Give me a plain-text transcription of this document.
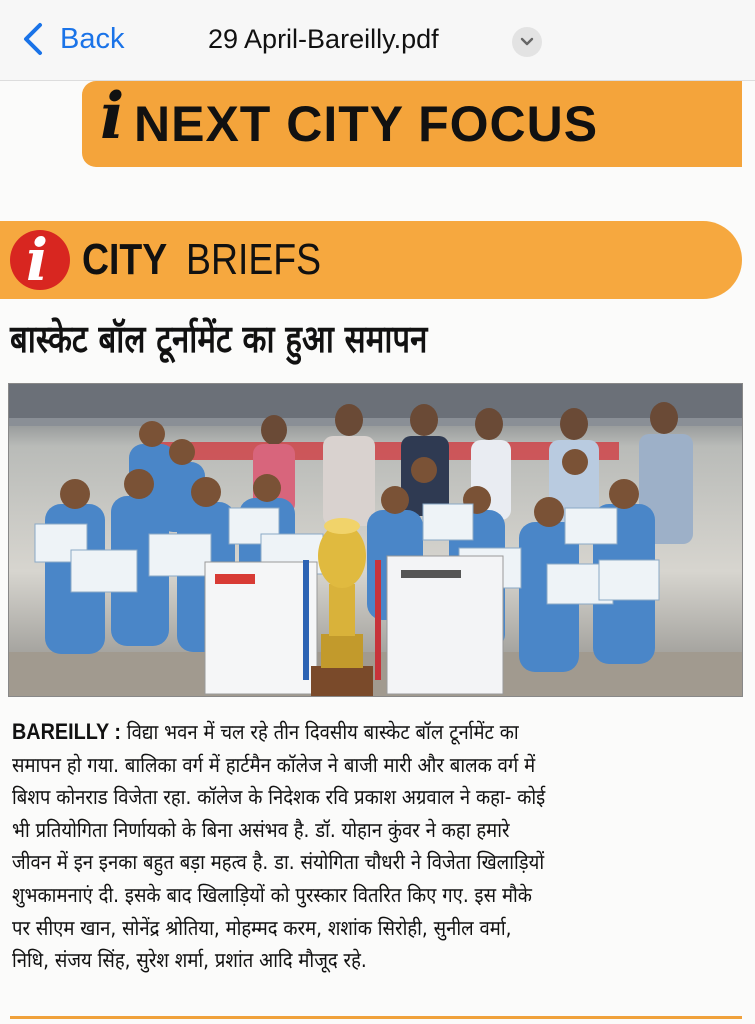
Back	29 April-Bareilly.pdf
i NEXT CITY FOCUS
i CITY BRIEFS
बास्केट बॉल टूर्नामेंट का हुआ समापन
BAREILLY : विद्या भवन में चल रहे तीन दिवसीय बास्केट बॉल टूर्नामेंट का
समापन हो गया. बालिका वर्ग में हार्टमैन कॉलेज ने बाजी मारी और बालक वर्ग में
बिशप कोनराड विजेता रहा. कॉलेज के निदेशक रवि प्रकाश अग्रवाल ने कहा- कोई
भी प्रतियोगिता निर्णायको के बिना असंभव है. डॉ. योहान कुंवर ने कहा हमारे
जीवन में इन इनका बहुत बड़ा महत्व है. डा. संयोगिता चौधरी ने विजेता खिलाड़ियों
शुभकामनाएं दी. इसके बाद खिलाड़ियों को पुरस्कार वितरित किए गए. इस मौके
पर सीएम खान, सोनेंद्र श्रोतिया, मोहम्मद करम, शशांक सिरोही, सुनील वर्मा,
निधि, संजय सिंह, सुरेश शर्मा, प्रशांत आदि मौजूद रहे.
